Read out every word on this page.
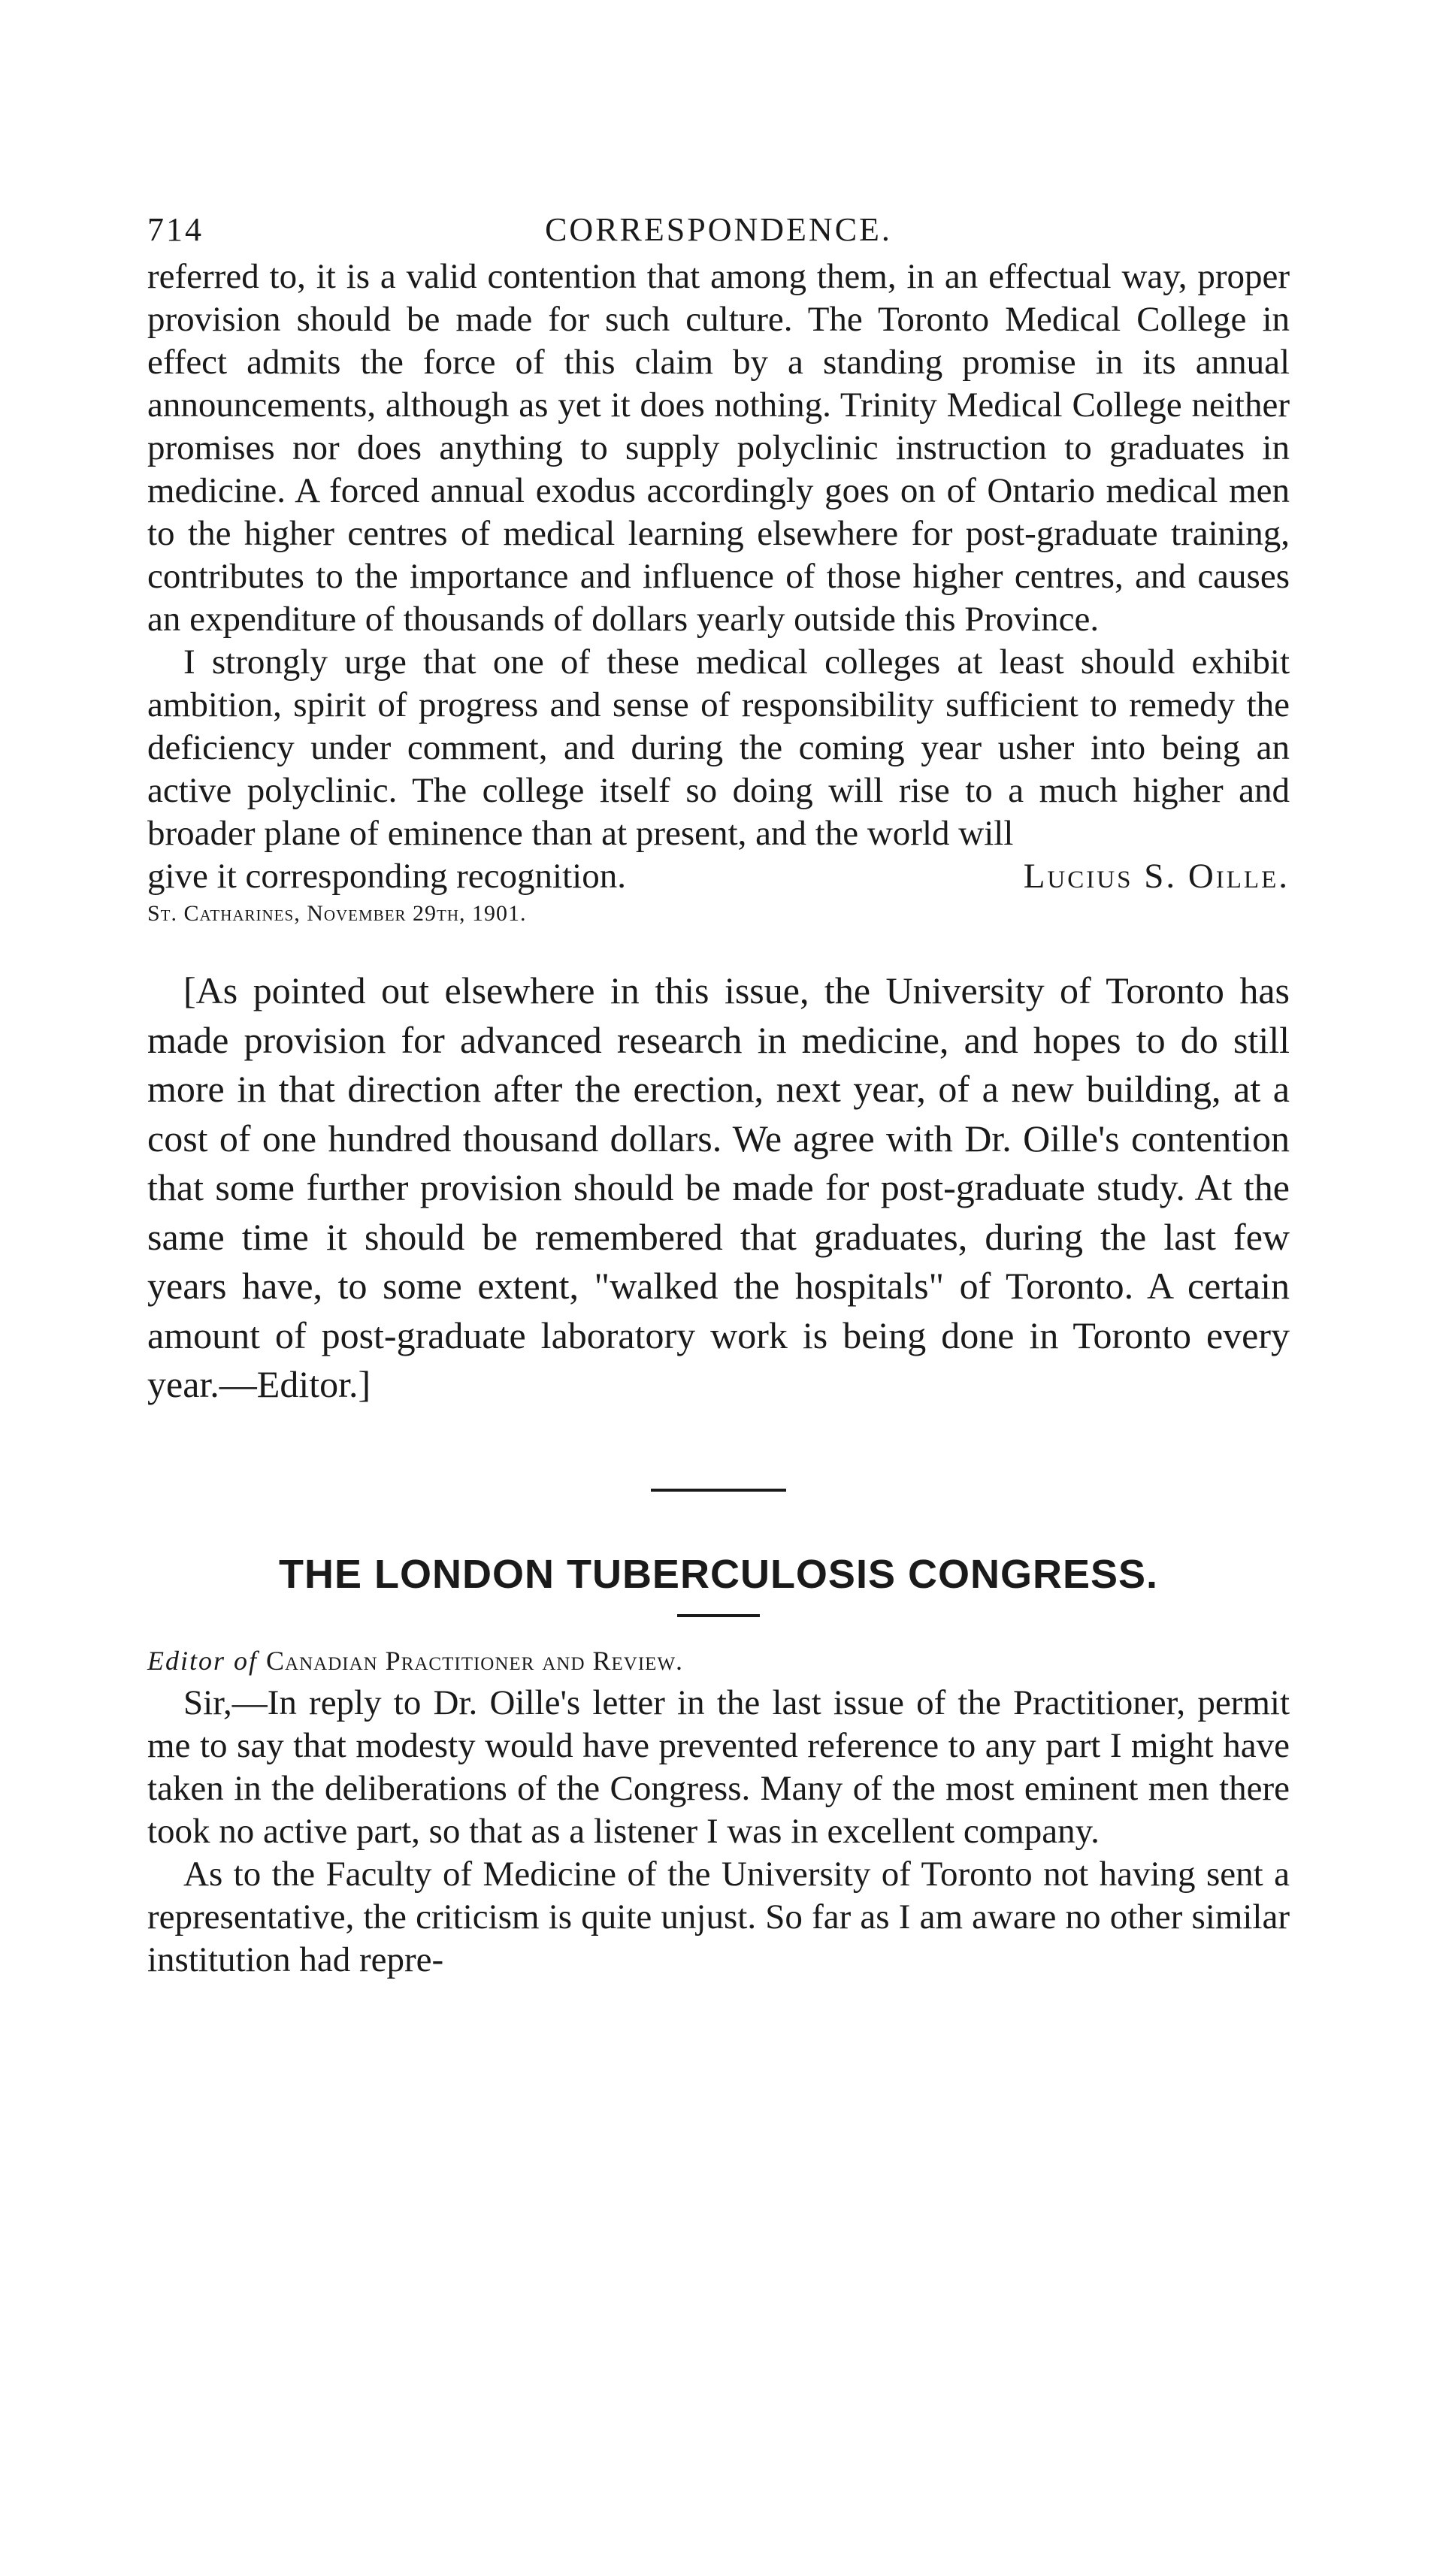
714	CORRESPONDENCE.

referred to, it is a valid contention that among them, in an effectual way, proper provision should be made for such culture. The Toronto Medical College in effect admits the force of this claim by a standing promise in its annual announcements, although as yet it does nothing. Trinity Medical College neither promises nor does anything to supply polyclinic instruction to graduates in medicine. A forced annual exodus accordingly goes on of Ontario medical men to the higher centres of medical learning elsewhere for post-graduate training, contributes to the importance and influence of those higher centres, and causes an expenditure of thousands of dollars yearly outside this Province.

I strongly urge that one of these medical colleges at least should exhibit ambition, spirit of progress and sense of responsibility sufficient to remedy the deficiency under comment, and during the coming year usher into being an active polyclinic. The college itself so doing will rise to a much higher and broader plane of eminence than at present, and the world will

give it corresponding recognition.	Lucius S. Oille.
St. Catharines, November 29th, 1901.

[As pointed out elsewhere in this issue, the University of Toronto has made provision for advanced research in medicine, and hopes to do still more in that direction after the erection, next year, of a new building, at a cost of one hundred thousand dollars. We agree with Dr. Oille's contention that some further provision should be made for post-graduate study. At the same time it should be remembered that graduates, during the last few years have, to some extent, "walked the hospitals" of Toronto. A certain amount of post-graduate laboratory work is being done in Toronto every year.—Editor.]

THE LONDON TUBERCULOSIS CONGRESS.
Editor of Canadian Practitioner and Review.

Sir,—In reply to Dr. Oille's letter in the last issue of the Practitioner, permit me to say that modesty would have prevented reference to any part I might have taken in the deliberations of the Congress. Many of the most eminent men there took no active part, so that as a listener I was in excellent company.

As to the Faculty of Medicine of the University of Toronto not having sent a representative, the criticism is quite unjust. So far as I am aware no other similar institution had repre-
